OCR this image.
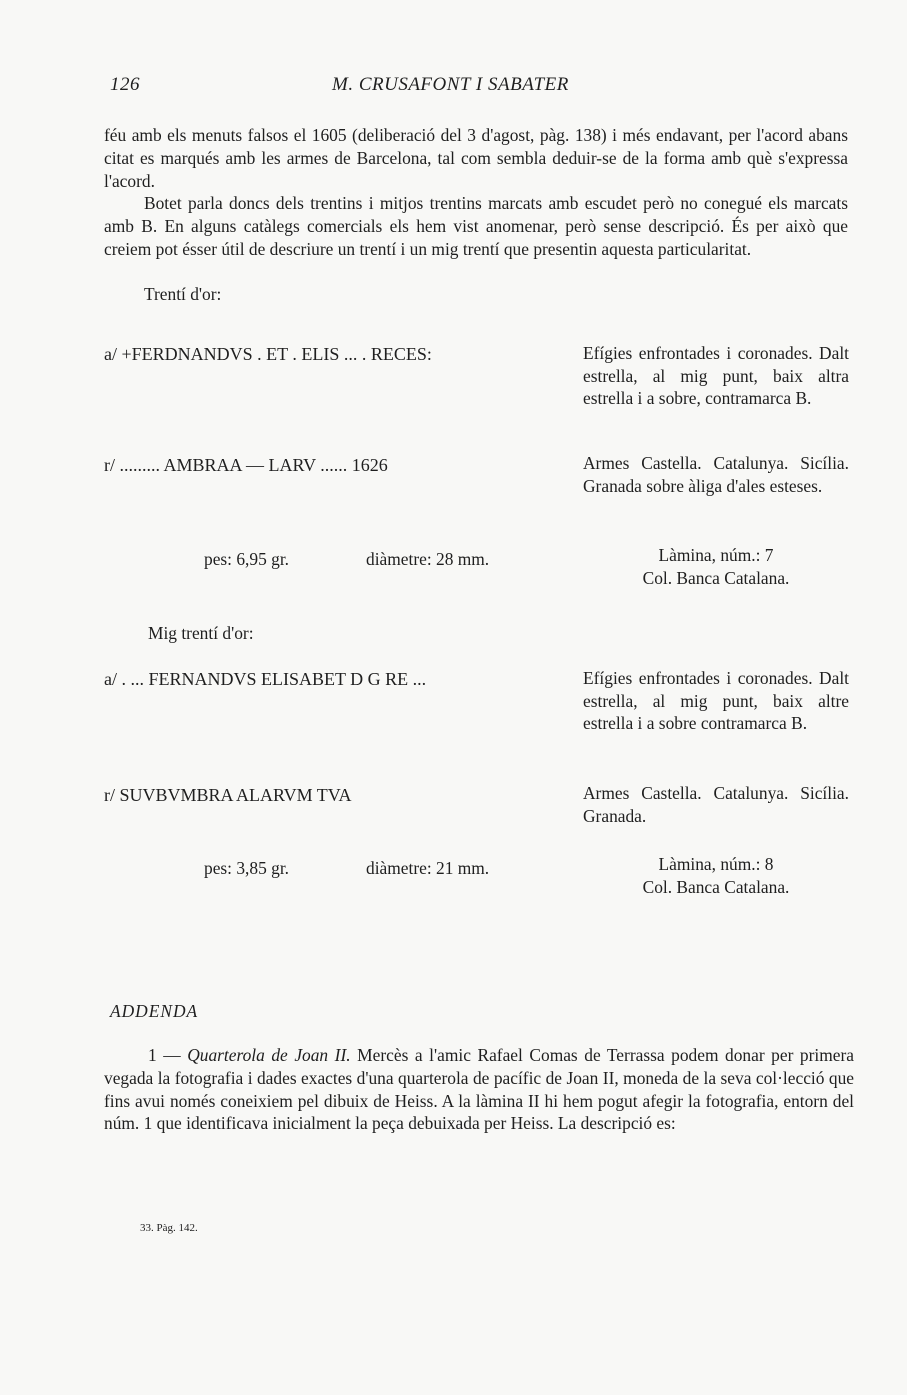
126	M. CRUSAFONT I SABATER

féu amb els menuts falsos el 1605 (deliberació del 3 d'agost, pàg. 138) i més endavant, per l'acord abans citat es marqués amb les armes de Barcelona, tal com sembla deduir-se de la forma amb què s'expressa l'acord.

Botet parla doncs dels trentins i mitjos trentins marcats amb escudet però no conegué els marcats amb B. En alguns catàlegs comercials els hem vist anomenar, però sense descripció. És per això que creiem pot ésser útil de descriure un trentí i un mig trentí que presentin aquesta particularitat.

Trentí d'or:
a/ +FERDNANDVS . ET . ELIS ... . RECES:	Efígies enfrontades i coronades. Dalt estrella, al mig punt, baix altra estrella i a sobre, contramarca B.
r/ ......... AMBRAA — LARV ...... 1626	Armes Castella. Catalunya. Sicília. Granada sobre àliga d'ales esteses.
pes: 6,95 gr.	diàmetre: 28 mm.	Làmina, núm.: 7
Col. Banca Catalana.
Mig trentí d'or:
a/ . ... FERNANDVS ELISABET D G RE ...	Efígies enfrontades i coronades. Dalt estrella, al mig punt, baix altre estrella i a sobre contramarca B.
r/ SUVBVMBRA ALARVM TVA	Armes Castella. Catalunya. Sicília. Granada.
pes: 3,85 gr.	diàmetre: 21 mm.	Làmina, núm.: 8
Col. Banca Catalana.
ADDENDA

1 — Quarterola de Joan II. Mercès a l'amic Rafael Comas de Terrassa podem donar per primera vegada la fotografia i dades exactes d'una quarterola de pacífic de Joan II, moneda de la seva col·lecció que fins avui només coneixiem pel dibuix de Heiss. A la làmina II hi hem pogut afegir la fotografia, entorn del núm. 1 que identificava inicialment la peça debuixada per Heiss. La descripció es:

33. Pàg. 142.
